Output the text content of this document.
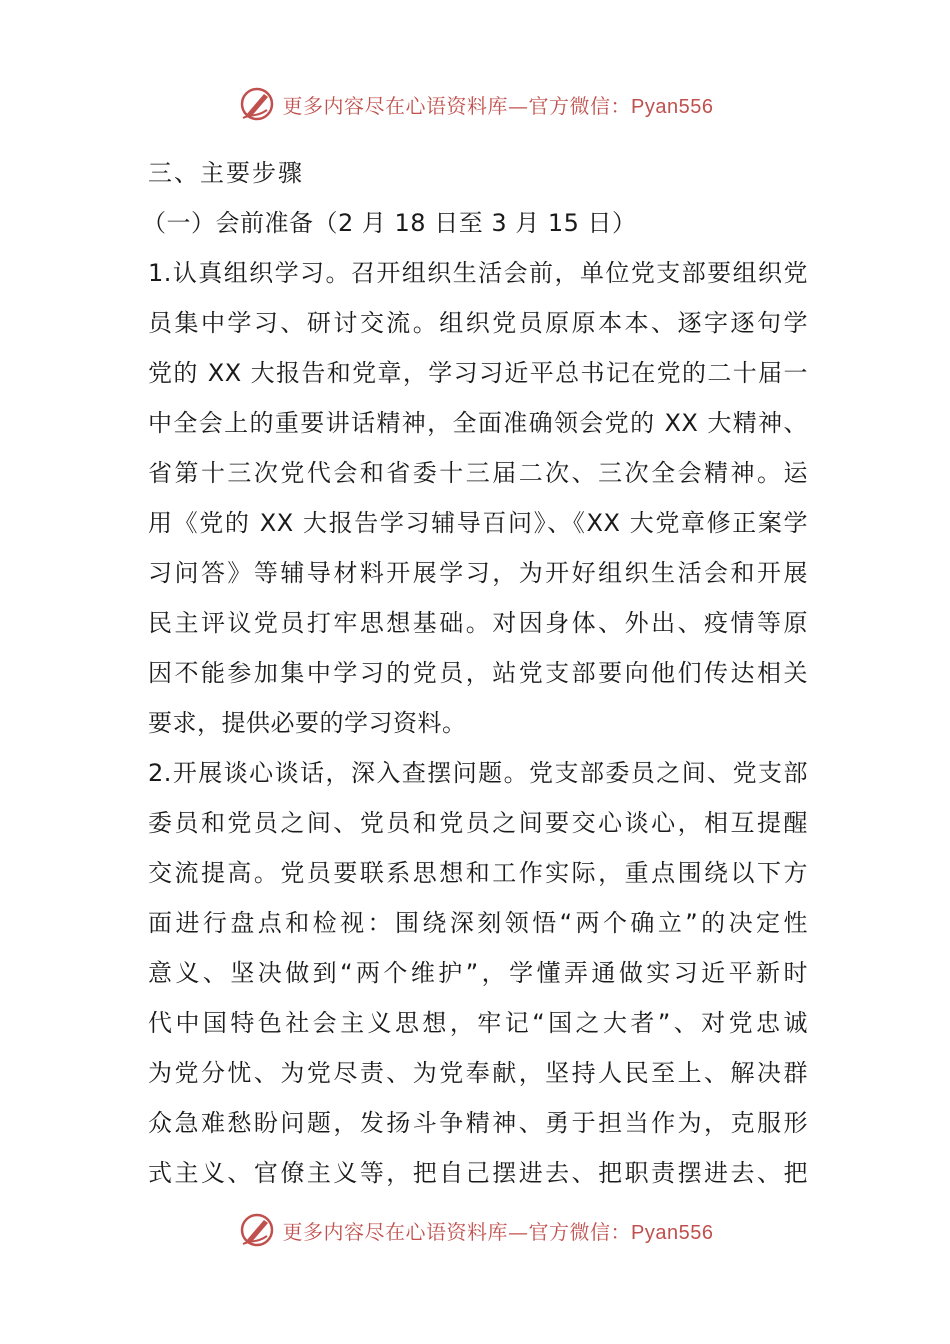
更多内容尽在心语资料库—官方微信：Pyan556
三、主要步骤
（一）会前准备（2 月 18 日至 3 月 15 日）
1.认真组织学习。召开组织生活会前，单位党支部要组织党
员集中学习、研讨交流。组织党员原原本本、逐字逐句学
党的 XX 大报告和党章，学习习近平总书记在党的二十届一
中全会上的重要讲话精神，全面准确领会党的 XX 大精神、
省第十三次党代会和省委十三届二次、三次全会精神。运
用《党的 XX 大报告学习辅导百问》、《XX 大党章修正案学
习问答》等辅导材料开展学习，为开好组织生活会和开展
民主评议党员打牢思想基础。对因身体、外出、疫情等原
因不能参加集中学习的党员，站党支部要向他们传达相关
要求，提供必要的学习资料。
2.开展谈心谈话，深入查摆问题。党支部委员之间、党支部
委员和党员之间、党员和党员之间要交心谈心，相互提醒
交流提高。党员要联系思想和工作实际，重点围绕以下方
面进行盘点和检视：围绕深刻领悟“两个确立”的决定性
意义、坚决做到“两个维护”，学懂弄通做实习近平新时
代中国特色社会主义思想，牢记“国之大者”、对党忠诚
为党分忧、为党尽责、为党奉献，坚持人民至上、解决群
众急难愁盼问题，发扬斗争精神、勇于担当作为，克服形
式主义、官僚主义等，把自己摆进去、把职责摆进去、把
更多内容尽在心语资料库—官方微信：Pyan556
